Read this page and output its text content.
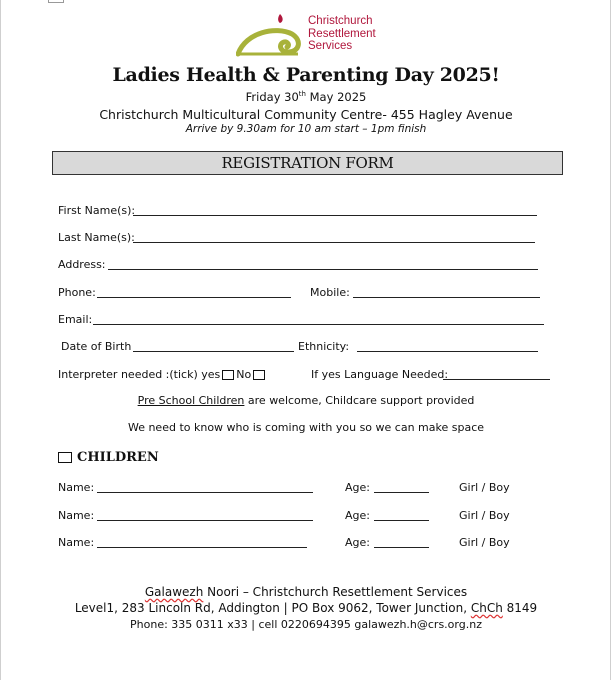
Christchurch
Resettlement
Services
Ladies Health & Parenting Day 2025!
Friday 30th May 2025
Christchurch Multicultural Community Centre- 455 Hagley Avenue
Arrive by 9.30am for 10 am start – 1pm finish
REGISTRATION FORM
First Name(s):
Last Name(s):
Address:
Phone:	Mobile:
Email:
Date of Birth	Ethnicity:
Interpreter needed :(tick) yes No	If yes Language Needed:
Pre School Children are welcome, Childcare support provided
We need to know who is coming with you so we can make space
CHILDREN
Name:	Age:	Girl / Boy
Name:	Age:	Girl / Boy
Name:	Age:	Girl / Boy
Galawezh Noori – Christchurch Resettlement Services
Level1, 283 Lincoln Rd, Addington | PO Box 9062, Tower Junction, ChCh 8149
Phone: 335 0311 x33 | cell 0220694395 galawezh.h@crs.org.nz
